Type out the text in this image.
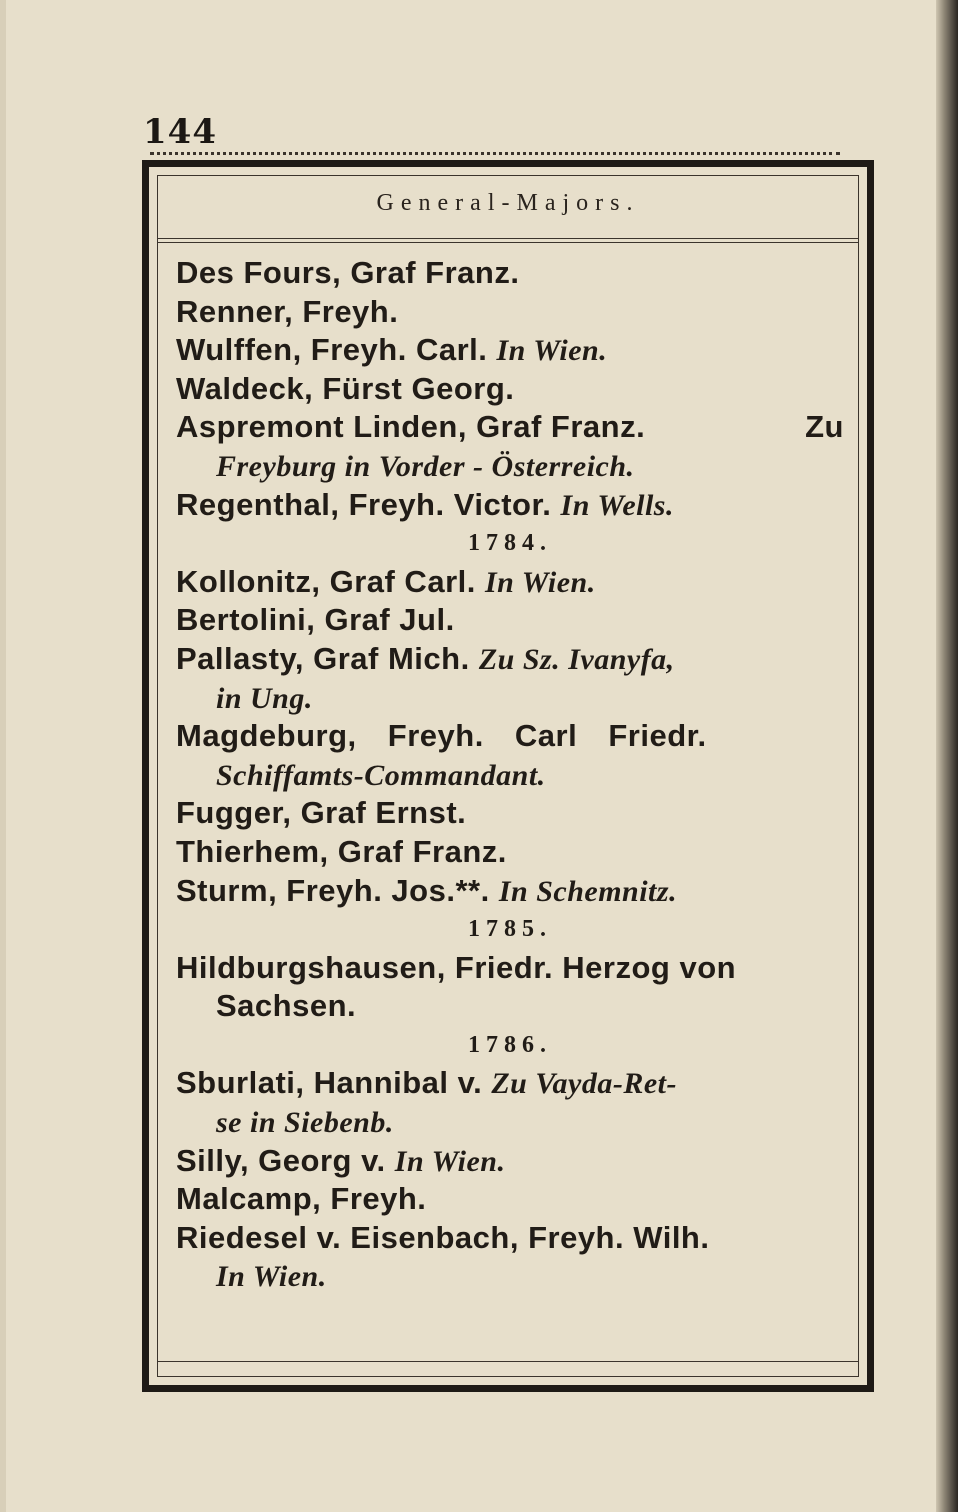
144
General-Majors.
Des Fours, Graf Franz.
Renner, Freyh.
Wulffen, Freyh. Carl. In Wien.
Waldeck, Fürst Georg.
Aspremont Linden, Graf Franz.	Zu
Freyburg in Vorder - Österreich.
Regenthal, Freyh. Victor. In Wells.
1784.
Kollonitz, Graf Carl. In Wien.
Bertolini, Graf Jul.
Pallasty, Graf Mich. Zu Sz. Ivanyfa,
in Ung.
Magdeburg, Freyh. Carl Friedr.
Schiffamts-Commandant.
Fugger, Graf Ernst.
Thierhem, Graf Franz.
Sturm, Freyh. Jos.**. In Schemnitz.
1785.
Hildburgshausen, Friedr. Herzog von
Sachsen.
1786.
Sburlati, Hannibal v. Zu Vayda-Ret-
se in Siebenb.
Silly, Georg v. In Wien.
Malcamp, Freyh.
Riedesel v. Eisenbach, Freyh. Wilh.
In Wien.
